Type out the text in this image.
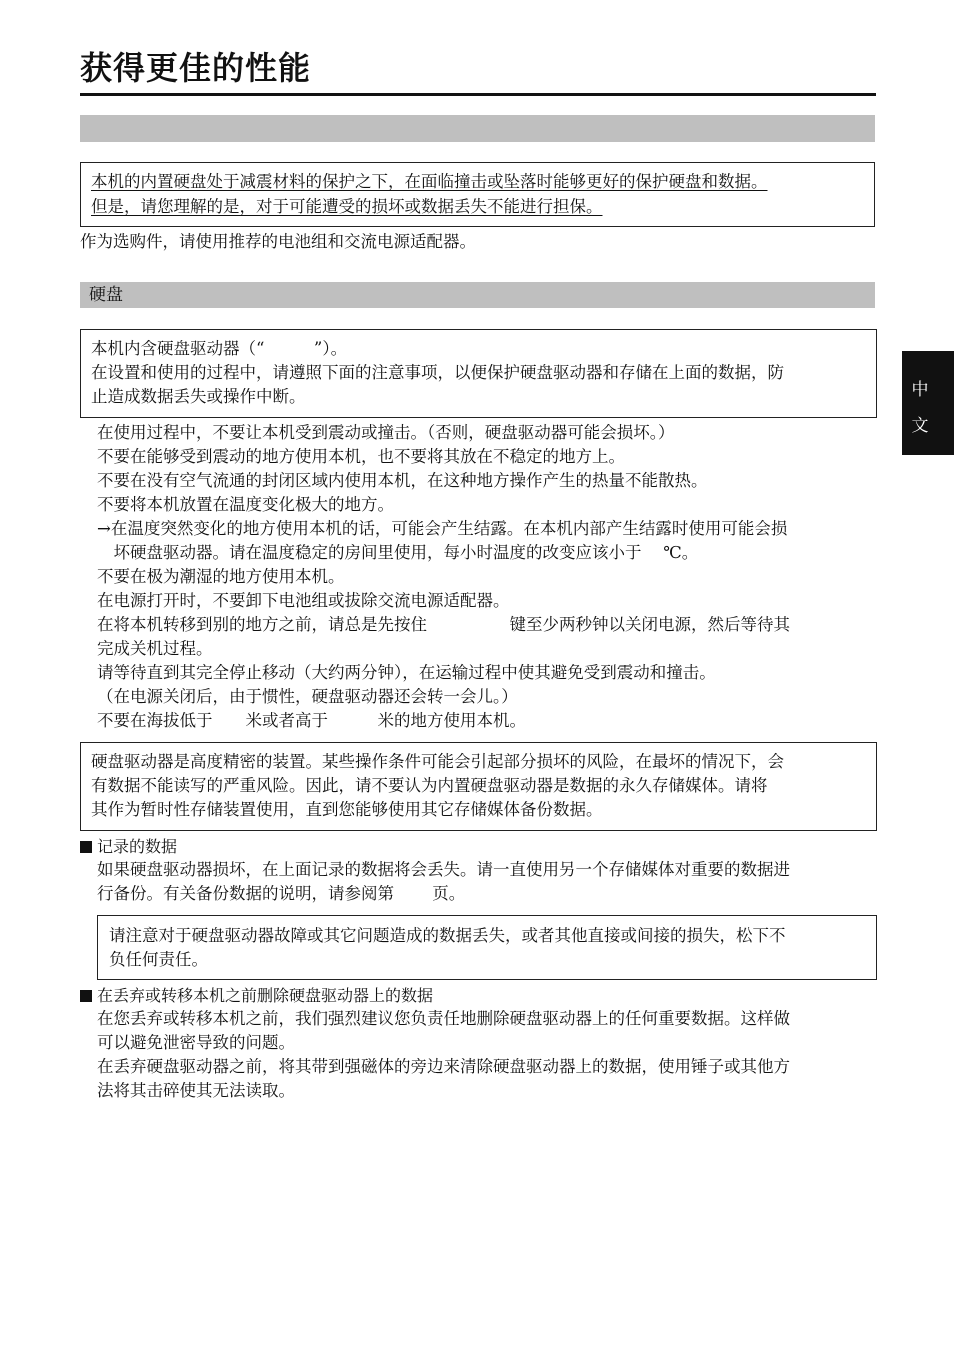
获得更佳的性能
本机的内置硬盘处于减震材料的保护之下，在面临撞击或坠落时能够更好的保护硬盘和数据。
但是，请您理解的是，对于可能遭受的损坏或数据丢失不能进行担保。
作为选购件，请使用推荐的电池组和交流电源适配器。
硬盘
本机内含硬盘驱动器（“　　　”）。
在设置和使用的过程中，请遵照下面的注意事项，以便保护硬盘驱动器和存储在上面的数据，防
止造成数据丢失或操作中断。
在使用过程中，不要让本机受到震动或撞击。（否则，硬盘驱动器可能会损坏。）
不要在能够受到震动的地方使用本机，也不要将其放在不稳定的地方上。
不要在没有空气流通的封闭区域内使用本机，在这种地方操作产生的热量不能散热。
不要将本机放置在温度变化极大的地方。
→在温度突然变化的地方使用本机的话，可能会产生结露。在本机内部产生结露时使用可能会损
　坏硬盘驱动器。请在温度稳定的房间里使用，每小时温度的改变应该小于　 ℃。
不要在极为潮湿的地方使用本机。
在电源打开时，不要卸下电池组或拔除交流电源适配器。
在将本机转移到别的地方之前，请总是先按住　　　　　键至少两秒钟以关闭电源，然后等待其
完成关机过程。
请等待直到其完全停止移动（大约两分钟），在运输过程中使其避免受到震动和撞击。
（在电源关闭后，由于惯性，硬盘驱动器还会转一会儿。）
不要在海拔低于　　米或者高于　　　米的地方使用本机。
硬盘驱动器是高度精密的装置。某些操作条件可能会引起部分损坏的风险，在最坏的情况下，会
有数据不能读写的严重风险。因此，请不要认为内置硬盘驱动器是数据的永久存储媒体。请将
其作为暂时性存储装置使用，直到您能够使用其它存储媒体备份数据。
记录的数据
如果硬盘驱动器损坏，在上面记录的数据将会丢失。请一直使用另一个存储媒体对重要的数据进
行备份。有关备份数据的说明，请参阅第　　 页。
请注意对于硬盘驱动器故障或其它问题造成的数据丢失，或者其他直接或间接的损失，松下不
负任何责任。
在丢弃或转移本机之前删除硬盘驱动器上的数据
在您丢弃或转移本机之前，我们强烈建议您负责任地删除硬盘驱动器上的任何重要数据。这样做
可以避免泄密导致的问题。
在丢弃硬盘驱动器之前，将其带到强磁体的旁边来清除硬盘驱动器上的数据，使用锤子或其他方
法将其击碎使其无法读取。
中
文
